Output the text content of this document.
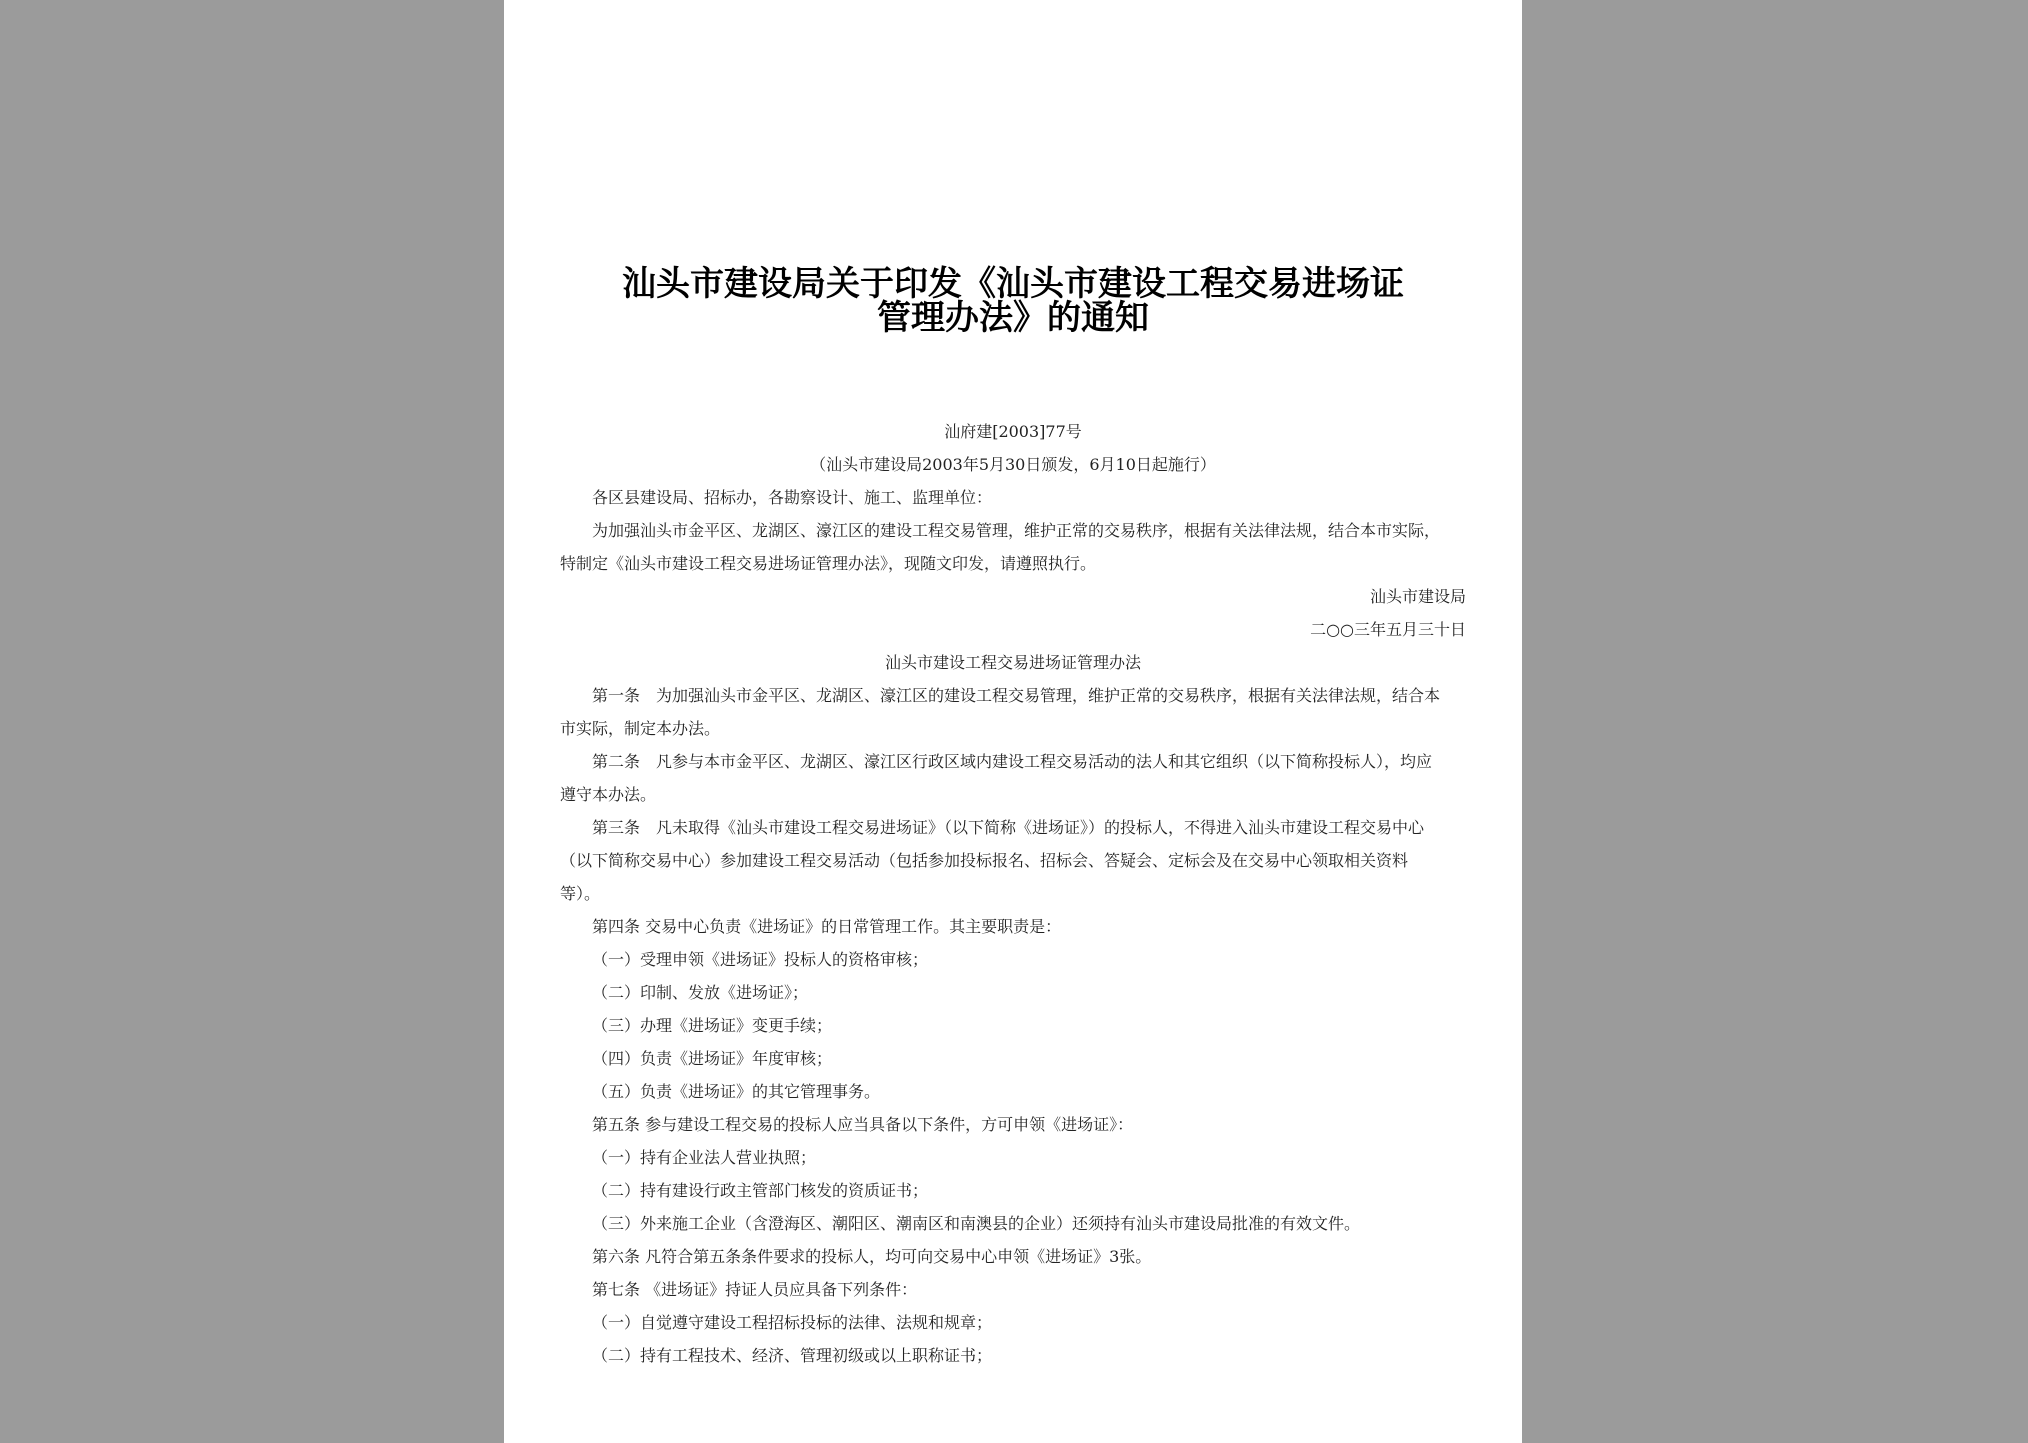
汕头市建设局关于印发《汕头市建设工程交易进场证
管理办法》的通知
汕府建[2003]77号
（汕头市建设局2003年5月30日颁发，6月10日起施行）
各区县建设局、招标办，各勘察设计、施工、监理单位：
为加强汕头市金平区、龙湖区、濠江区的建设工程交易管理，维护正常的交易秩序，根据有关法律法规，结合本市实际，
特制定《汕头市建设工程交易进场证管理办法》，现随文印发，请遵照执行。
汕头市建设局
二○○三年五月三十日
汕头市建设工程交易进场证管理办法
第一条　为加强汕头市金平区、龙湖区、濠江区的建设工程交易管理，维护正常的交易秩序，根据有关法律法规，结合本
市实际，制定本办法。
第二条　凡参与本市金平区、龙湖区、濠江区行政区域内建设工程交易活动的法人和其它组织（以下简称投标人），均应
遵守本办法。
第三条　凡未取得《汕头市建设工程交易进场证》（以下简称《进场证》）的投标人，不得进入汕头市建设工程交易中心
（以下简称交易中心）参加建设工程交易活动（包括参加投标报名、招标会、答疑会、定标会及在交易中心领取相关资料
等）。
第四条 交易中心负责《进场证》的日常管理工作。其主要职责是：
（一）受理申领《进场证》投标人的资格审核；
（二）印制、发放《进场证》；
（三）办理《进场证》变更手续；
（四）负责《进场证》年度审核；
（五）负责《进场证》的其它管理事务。
第五条 参与建设工程交易的投标人应当具备以下条件，方可申领《进场证》：
（一）持有企业法人营业执照；
（二）持有建设行政主管部门核发的资质证书；
（三）外来施工企业（含澄海区、潮阳区、潮南区和南澳县的企业）还须持有汕头市建设局批准的有效文件。
第六条 凡符合第五条条件要求的投标人，均可向交易中心申领《进场证》3张。
第七条 《进场证》持证人员应具备下列条件：
（一）自觉遵守建设工程招标投标的法律、法规和规章；
（二）持有工程技术、经济、管理初级或以上职称证书；
